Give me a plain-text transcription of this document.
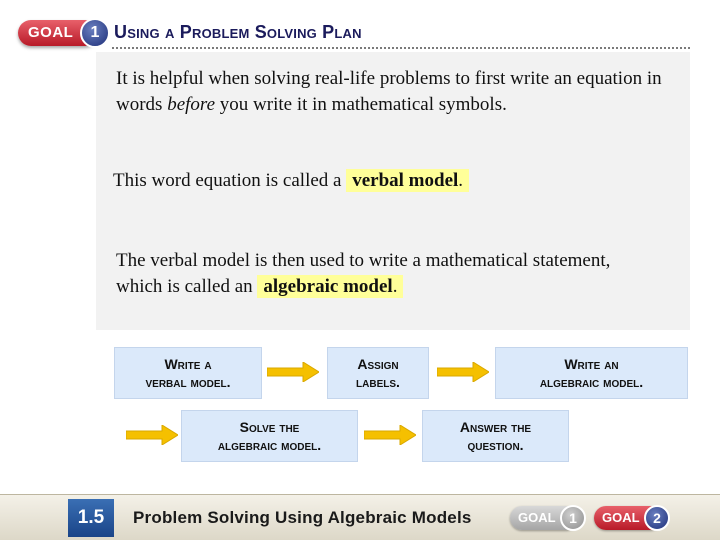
GOAL	1 Using a Problem Solving Plan
It is helpful when solving real-life problems to first write an equation in words before you write it in mathematical symbols.
This word equation is called a verbal model.
The verbal model is then used to write a mathematical statement, which is called an algebraic model.
Write a
verbal model.
Assign
labels.
Write an
algebraic model.
Solve the
algebraic model.
Answer the
question.
1.5	Problem Solving Using Algebraic Models	GOAL 1	GOAL 2
